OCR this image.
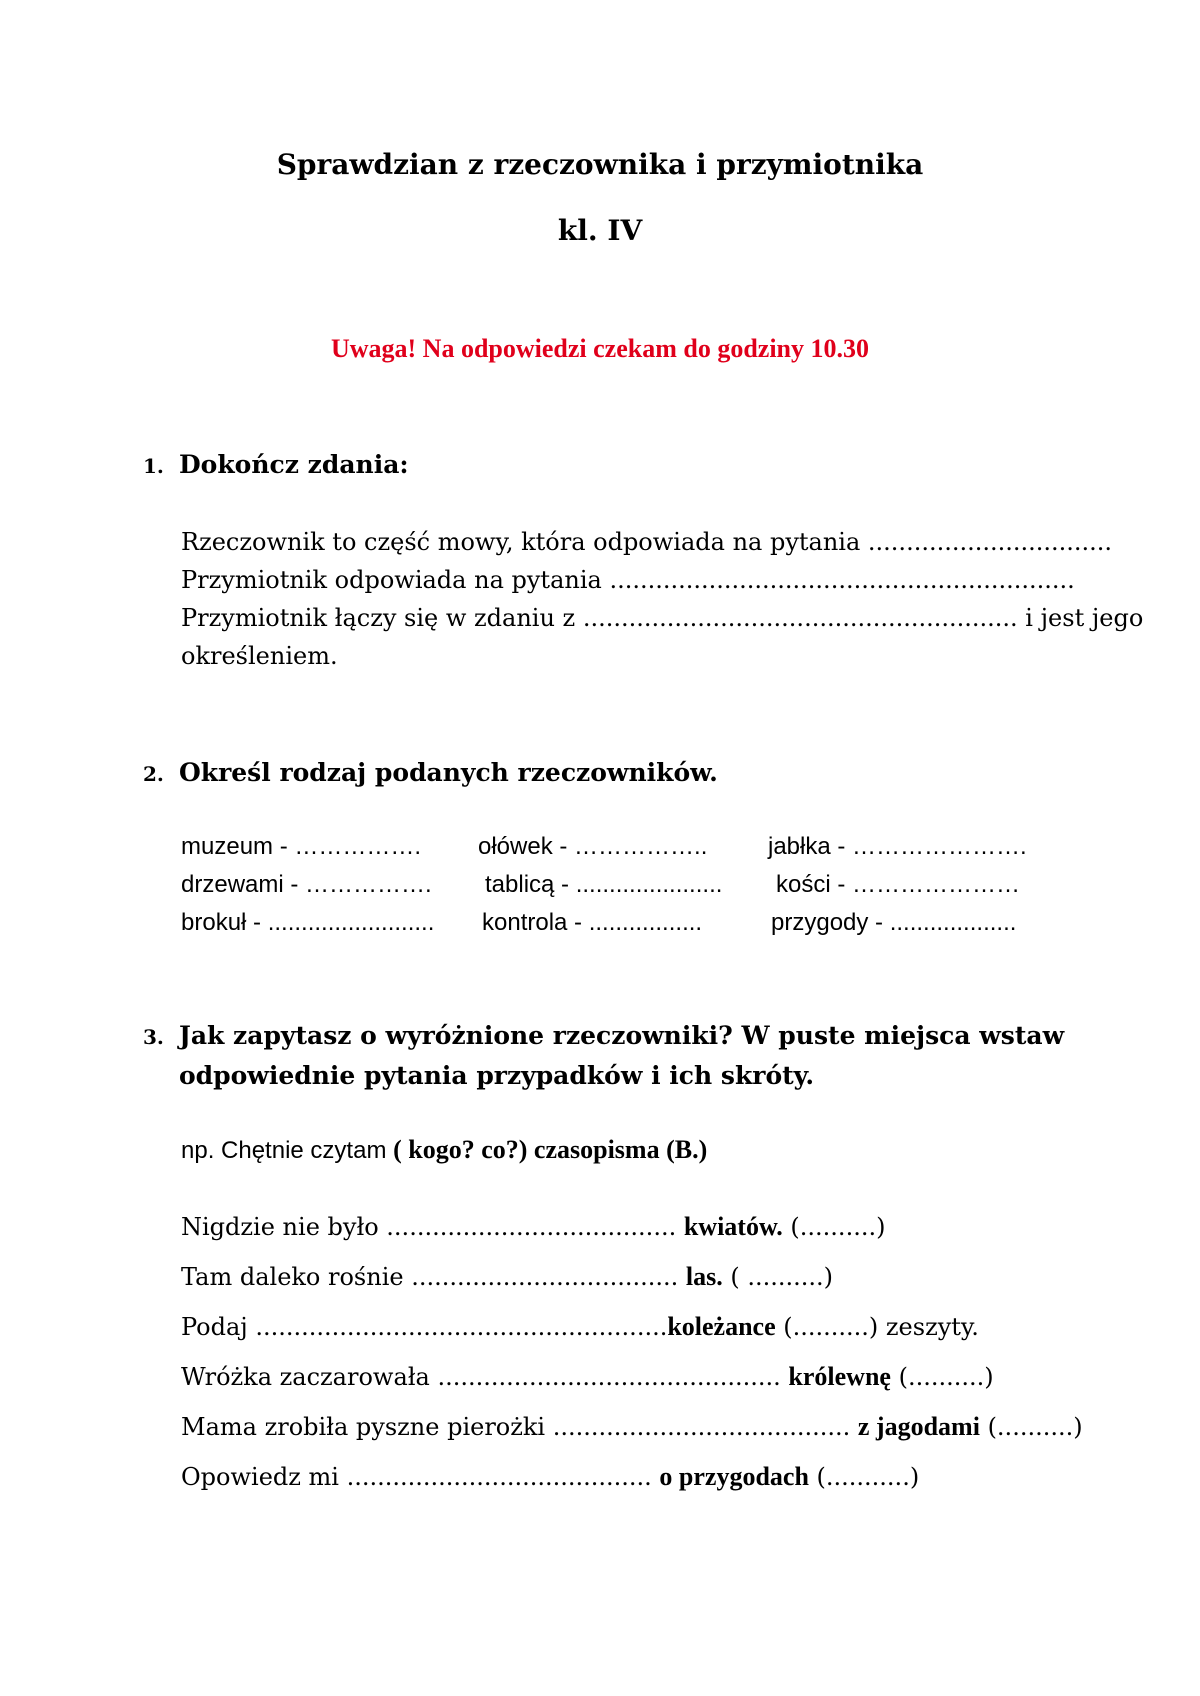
Sprawdzian z rzeczownika i przymiotnika
kl. IV
Uwaga! Na odpowiedzi czekam do godziny 10.30
1. Dokończ zdania:
Rzeczownik to część mowy, która odpowiada na pytania ................................
Przymiotnik odpowiada na pytania .............................................................
Przymiotnik łączy się w zdaniu z ......................................................... i jest jego
określeniem.
2. Określ rodzaj podanych rzeczowników.
muzeum - ……………. ołówek - ……………..	jabłka - ………………….
drzewami - ……………. tablicą - ...................... kości - …………………
brokuł - ......................... kontrola - .................	przygody - ...................
3. Jak zapytasz o wyróżnione rzeczowniki? W puste miejsca wstaw
odpowiednie pytania przypadków i ich skróty.
np. Chętnie czytam ( kogo? co?) czasopisma (B.)
Nigdzie nie było ...................................... kwiatów. (..........)
Tam daleko rośnie ................................... las. ( ..........)
Podaj ......................................................koleżance (..........) zeszyty.
Wróżka zaczarowała ............................................. królewnę (..........)
Mama zrobiła pyszne pierożki ....................................... z jagodami (..........)
Opowiedz mi ........................................ o przygodach (...........)
